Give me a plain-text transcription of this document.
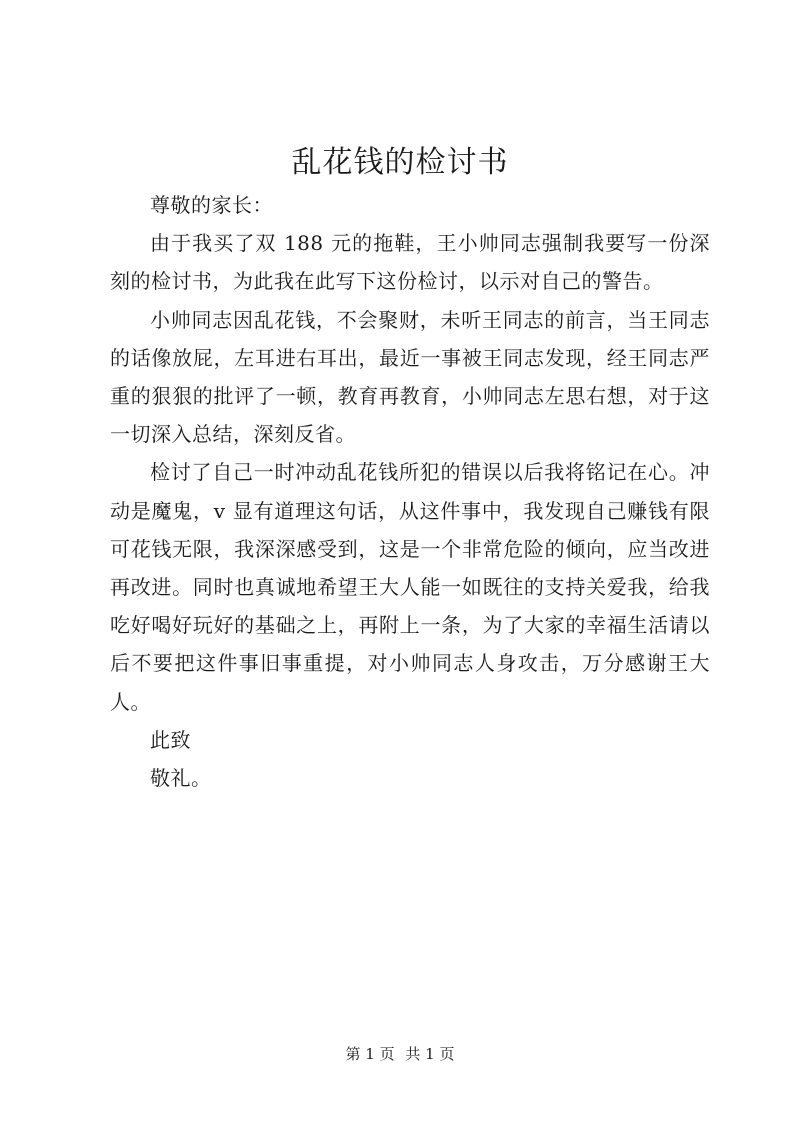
乱花钱的检讨书

尊敬的家长：

由于我买了双 188 元的拖鞋，王小帅同志强制我要写一份深刻的检讨书，为此我在此写下这份检讨，以示对自己的警告。

小帅同志因乱花钱，不会聚财，未听王同志的前言，当王同志的话像放屁，左耳进右耳出，最近一事被王同志发现，经王同志严重的狠狠的批评了一顿，教育再教育，小帅同志左思右想，对于这一切深入总结，深刻反省。

检讨了自己一时冲动乱花钱所犯的错误以后我将铭记在心。冲动是魔鬼，v 显有道理这句话，从这件事中，我发现自己赚钱有限可花钱无限，我深深感受到，这是一个非常危险的倾向，应当改进再改进。同时也真诚地希望王大人能一如既往的支持关爱我，给我吃好喝好玩好的基础之上，再附上一条，为了大家的幸福生活请以后不要把这件事旧事重提，对小帅同志人身攻击，万分感谢王大人。

此致

敬礼。

第 1 页 共 1 页
